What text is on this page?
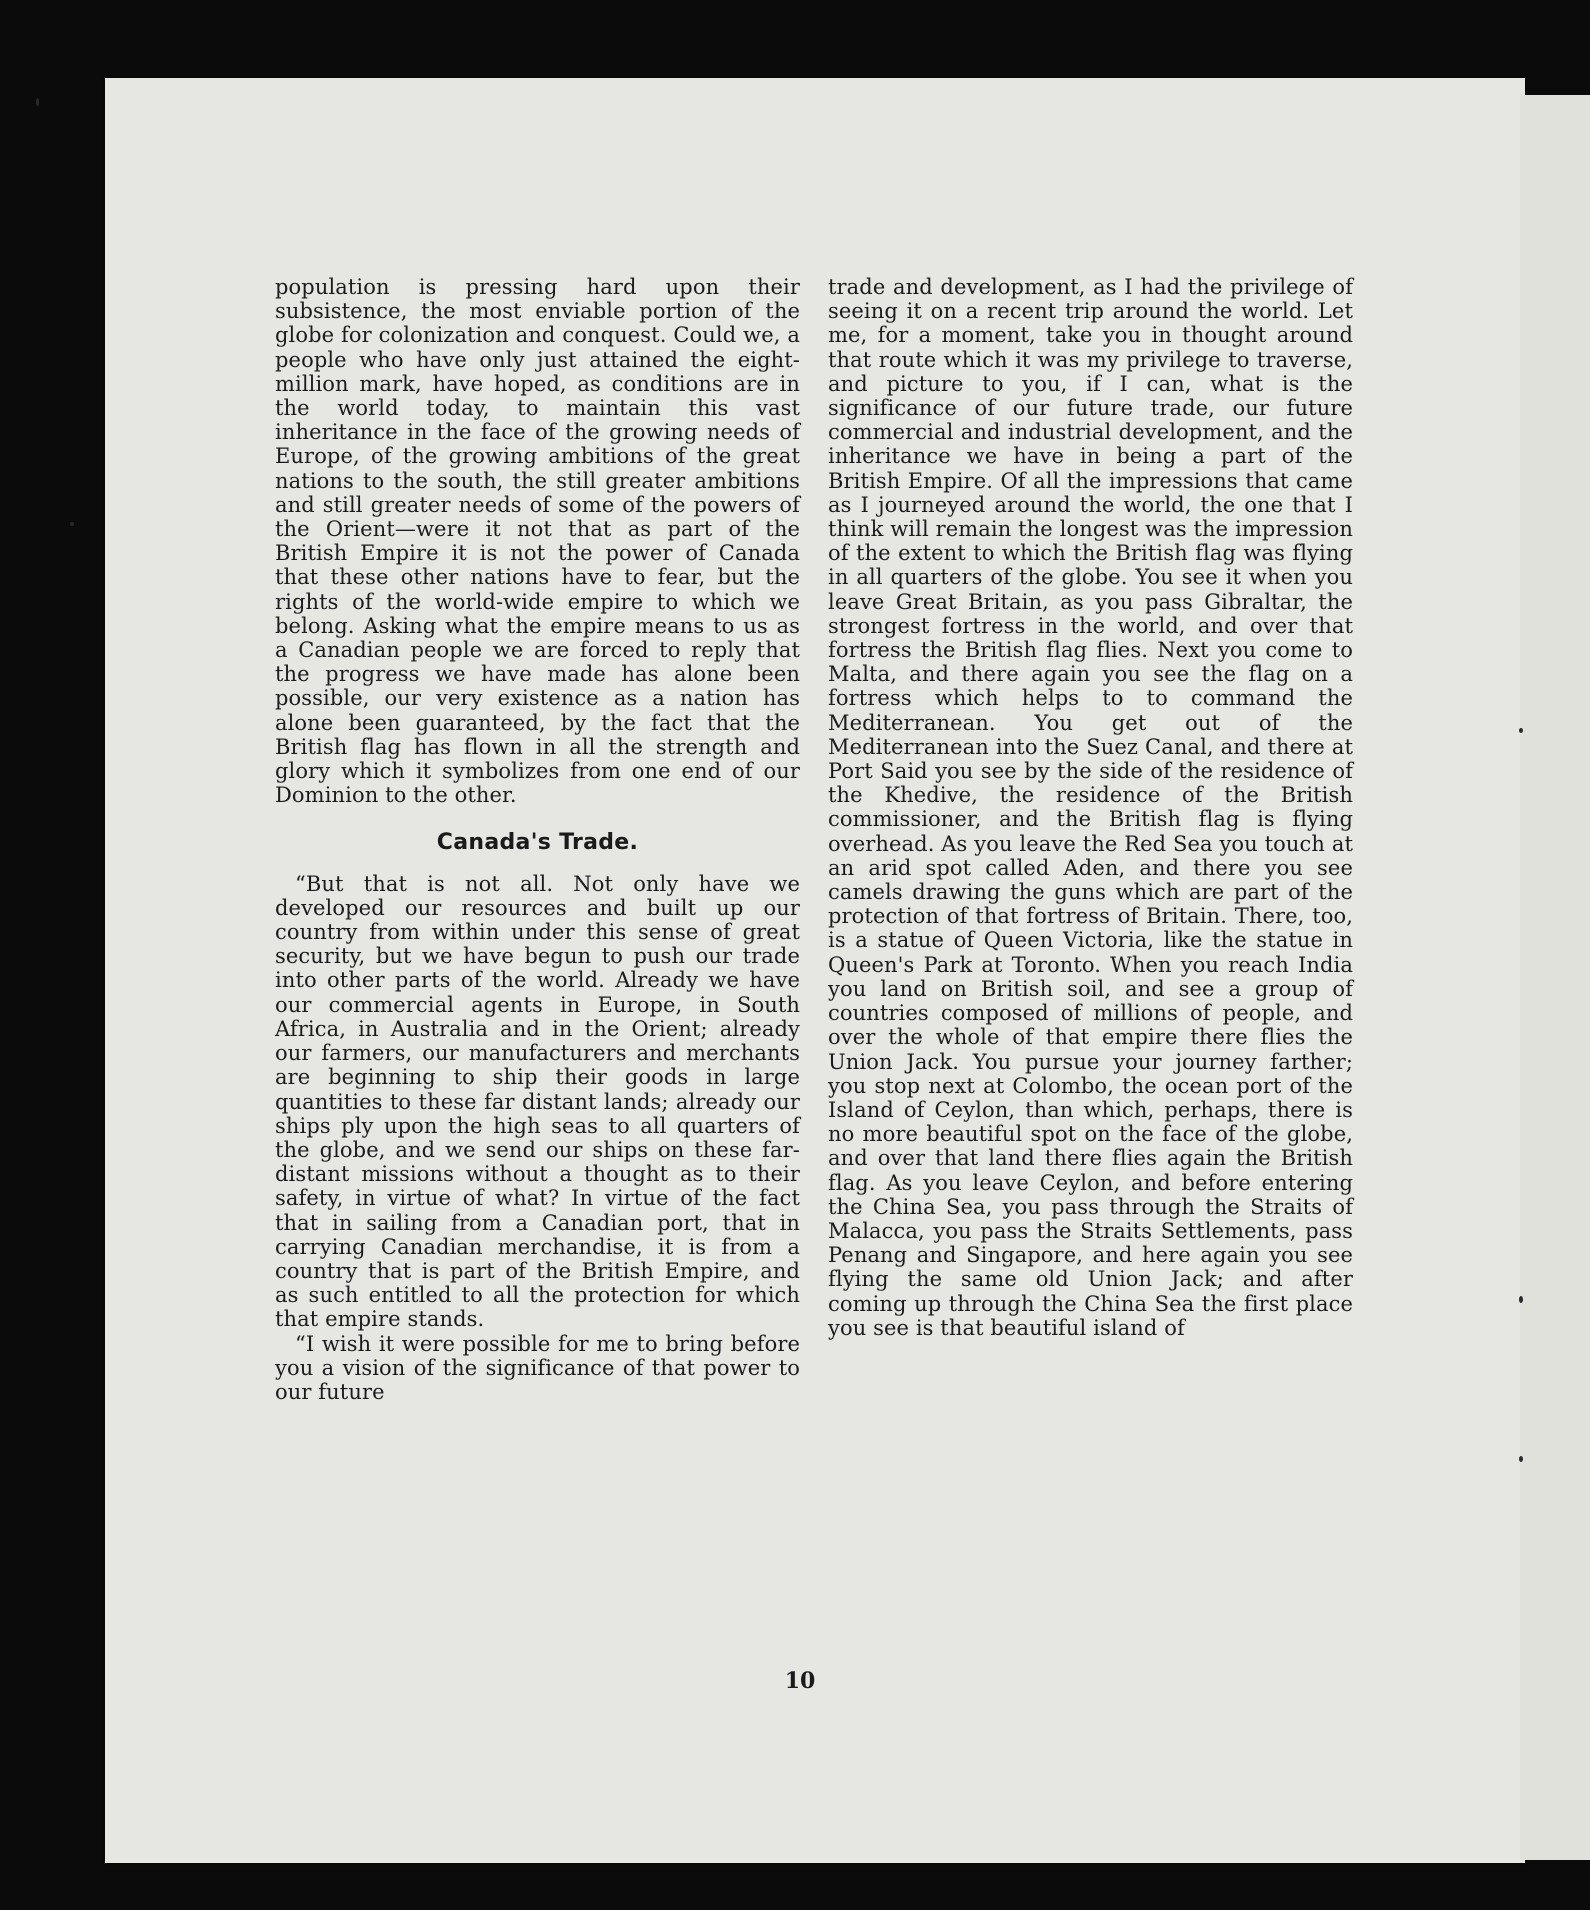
population is pressing hard upon their subsistence, the most enviable portion of the globe for colonization and conquest. Could we, a people who have only just attained the eight-million mark, have hoped, as conditions are in the world today, to maintain this vast inheritance in the face of the growing needs of Europe, of the growing ambitions of the great nations to the south, the still greater ambitions and still greater needs of some of the powers of the Orient—were it not that as part of the British Empire it is not the power of Canada that these other nations have to fear, but the rights of the world-wide empire to which we belong. Asking what the empire means to us as a Canadian people we are forced to reply that the progress we have made has alone been possible, our very existence as a nation has alone been guaranteed, by the fact that the British flag has flown in all the strength and glory which it symbolizes from one end of our Dominion to the other.

Canada's Trade.

“But that is not all. Not only have we developed our resources and built up our country from within under this sense of great security, but we have begun to push our trade into other parts of the world. Already we have our commercial agents in Europe, in South Africa, in Australia and in the Orient; already our farmers, our manufacturers and merchants are beginning to ship their goods in large quantities to these far distant lands; already our ships ply upon the high seas to all quarters of the globe, and we send our ships on these far-distant missions without a thought as to their safety, in virtue of what? In virtue of the fact that in sailing from a Canadian port, that in carrying Canadian merchandise, it is from a country that is part of the British Empire, and as such entitled to all the protection for which that empire stands.

“I wish it were possible for me to bring before you a vision of the significance of that power to our future

trade and development, as I had the privilege of seeing it on a recent trip around the world. Let me, for a moment, take you in thought around that route which it was my privilege to traverse, and picture to you, if I can, what is the significance of our future trade, our future commercial and industrial development, and the inheritance we have in being a part of the British Empire. Of all the impressions that came as I journeyed around the world, the one that I think will remain the longest was the impression of the extent to which the British flag was flying in all quarters of the globe. You see it when you leave Great Britain, as you pass Gibraltar, the strongest fortress in the world, and over that fortress the British flag flies. Next you come to Malta, and there again you see the flag on a fortress which helps to to command the Mediterranean. You get out of the Mediterranean into the Suez Canal, and there at Port Said you see by the side of the residence of the Khedive, the residence of the British commissioner, and the British flag is flying overhead. As you leave the Red Sea you touch at an arid spot called Aden, and there you see camels drawing the guns which are part of the protection of that fortress of Britain. There, too, is a statue of Queen Victoria, like the statue in Queen's Park at Toronto. When you reach India you land on British soil, and see a group of countries composed of millions of people, and over the whole of that empire there flies the Union Jack. You pursue your journey farther; you stop next at Colombo, the ocean port of the Island of Ceylon, than which, perhaps, there is no more beautiful spot on the face of the globe, and over that land there flies again the British flag. As you leave Ceylon, and before entering the China Sea, you pass through the Straits of Malacca, you pass the Straits Settlements, pass Penang and Singapore, and here again you see flying the same old Union Jack; and after coming up through the China Sea the first place you see is that beautiful island of

10
